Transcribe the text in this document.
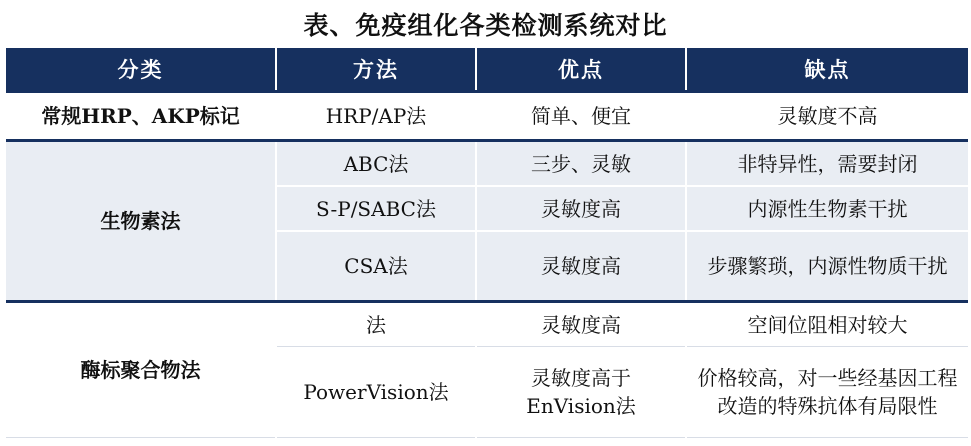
表、免疫组化各类检测系统对比
分类	方法	优点	缺点
常规HRP、AKP标记	HRP/AP法	简单、便宜	灵敏度不高
生物素法	ABC法	三步、灵敏	非特异性，需要封闭
	S-P/SABC法	灵敏度高	内源性生物素干扰
	CSA法	灵敏度高	步骤繁琐，内源性物质干扰
酶标聚合物法	法	灵敏度高	空间位阻相对较大
	PowerVision法	灵敏度高于EnVision法	价格较高，对一些经基因工程改造的特殊抗体有局限性
